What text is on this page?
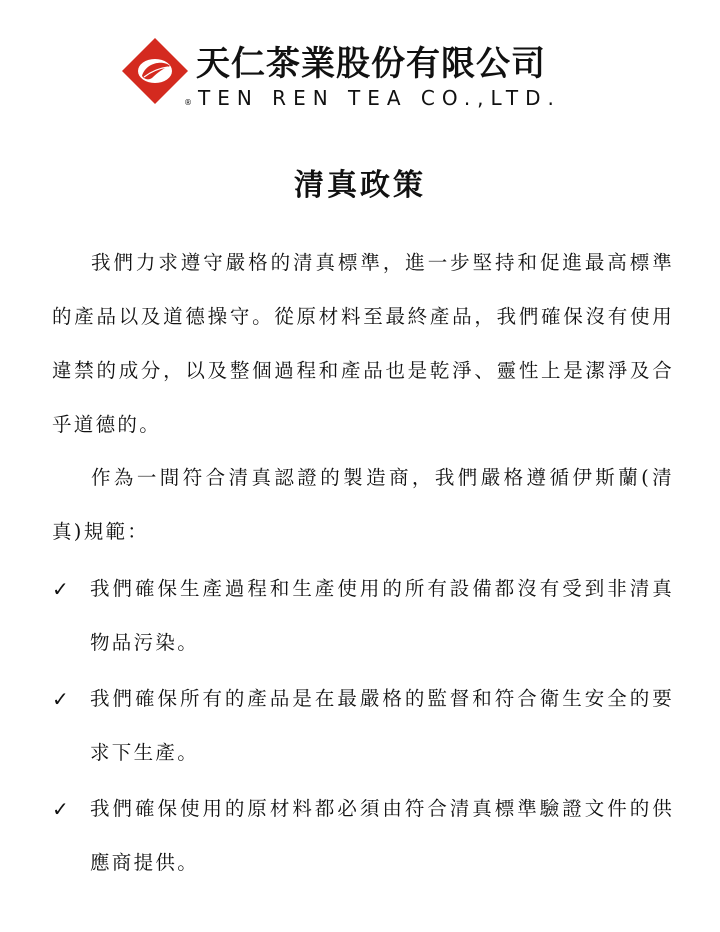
®
天仁茶業股份有限公司
TEN REN TEA CO.,LTD.
清真政策

我們力求遵守嚴格的清真標準，進一步堅持和促進最高標準的產品以及道德操守。從原材料至最終產品，我們確保沒有使用違禁的成分，以及整個過程和產品也是乾淨、靈性上是潔淨及合乎道德的。

作為一間符合清真認證的製造商，我們嚴格遵循伊斯蘭(清真)規範：

✓ 我們確保生產過程和生產使用的所有設備都沒有受到非清真物品污染。
✓ 我們確保所有的產品是在最嚴格的監督和符合衛生安全的要求下生產。
✓ 我們確保使用的原材料都必須由符合清真標準驗證文件的供應商提供。
